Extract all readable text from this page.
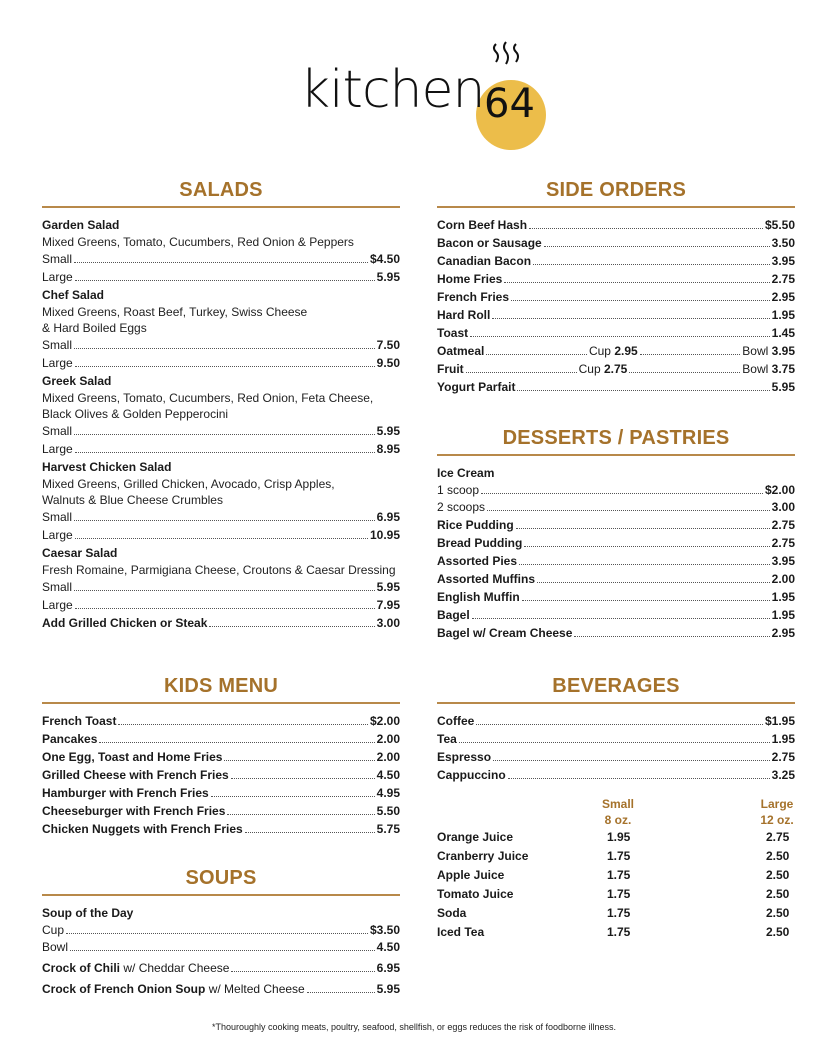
kitchen 64
SALADS
Garden Salad
Mixed Greens, Tomato, Cucumbers, Red Onion & Peppers
Small	$4.50
Large	5.95
Chef Salad
Mixed Greens, Roast Beef, Turkey, Swiss Cheese
& Hard Boiled Eggs
Small	7.50
Large	9.50
Greek Salad
Mixed Greens, Tomato, Cucumbers, Red Onion, Feta Cheese,
Black Olives & Golden Pepperocini
Small	5.95
Large	8.95
Harvest Chicken Salad
Mixed Greens, Grilled Chicken, Avocado, Crisp Apples,
Walnuts & Blue Cheese Crumbles
Small	6.95
Large	10.95
Caesar Salad
Fresh Romaine, Parmigiana Cheese, Croutons & Caesar Dressing
Small	5.95
Large	7.95
Add Grilled Chicken or Steak	3.00
SIDE ORDERS
Corn Beef Hash	$5.50
Bacon or Sausage	3.50
Canadian Bacon	3.95
Home Fries	2.75
French Fries	2.95
Hard Roll	1.95
Toast	1.45
Oatmeal	Cup 2.95	Bowl 3.95
Fruit	Cup 2.75	Bowl 3.75
Yogurt Parfait	5.95
DESSERTS / PASTRIES
Ice Cream
1 scoop	$2.00
2 scoops	3.00
Rice Pudding	2.75
Bread Pudding	2.75
Assorted Pies	3.95
Assorted Muffins	2.00
English Muffin	1.95
Bagel	1.95
Bagel w/ Cream Cheese	2.95
KIDS MENU
French Toast	$2.00
Pancakes	2.00
One Egg, Toast and Home Fries	2.00
Grilled Cheese with French Fries	4.50
Hamburger with French Fries	4.95
Cheeseburger with French Fries	5.50
Chicken Nuggets with French Fries	5.75
BEVERAGES
Coffee	$1.95
Tea	1.95
Espresso	2.75
Cappuccino	3.25
Small
8 oz.
Large
12 oz.
Orange Juice	1.95	2.75
Cranberry Juice	1.75	2.50
Apple Juice	1.75	2.50
Tomato Juice	1.75	2.50
Soda	1.75	2.50
Iced Tea	1.75	2.50
SOUPS
Soup of the Day
Cup	$3.50
Bowl	4.50
Crock of Chili w/ Cheddar Cheese	6.95
Crock of French Onion Soup w/ Melted Cheese	5.95
*Thouroughly cooking meats, poultry, seafood, shellfish, or eggs reduces the risk of foodborne illness.
